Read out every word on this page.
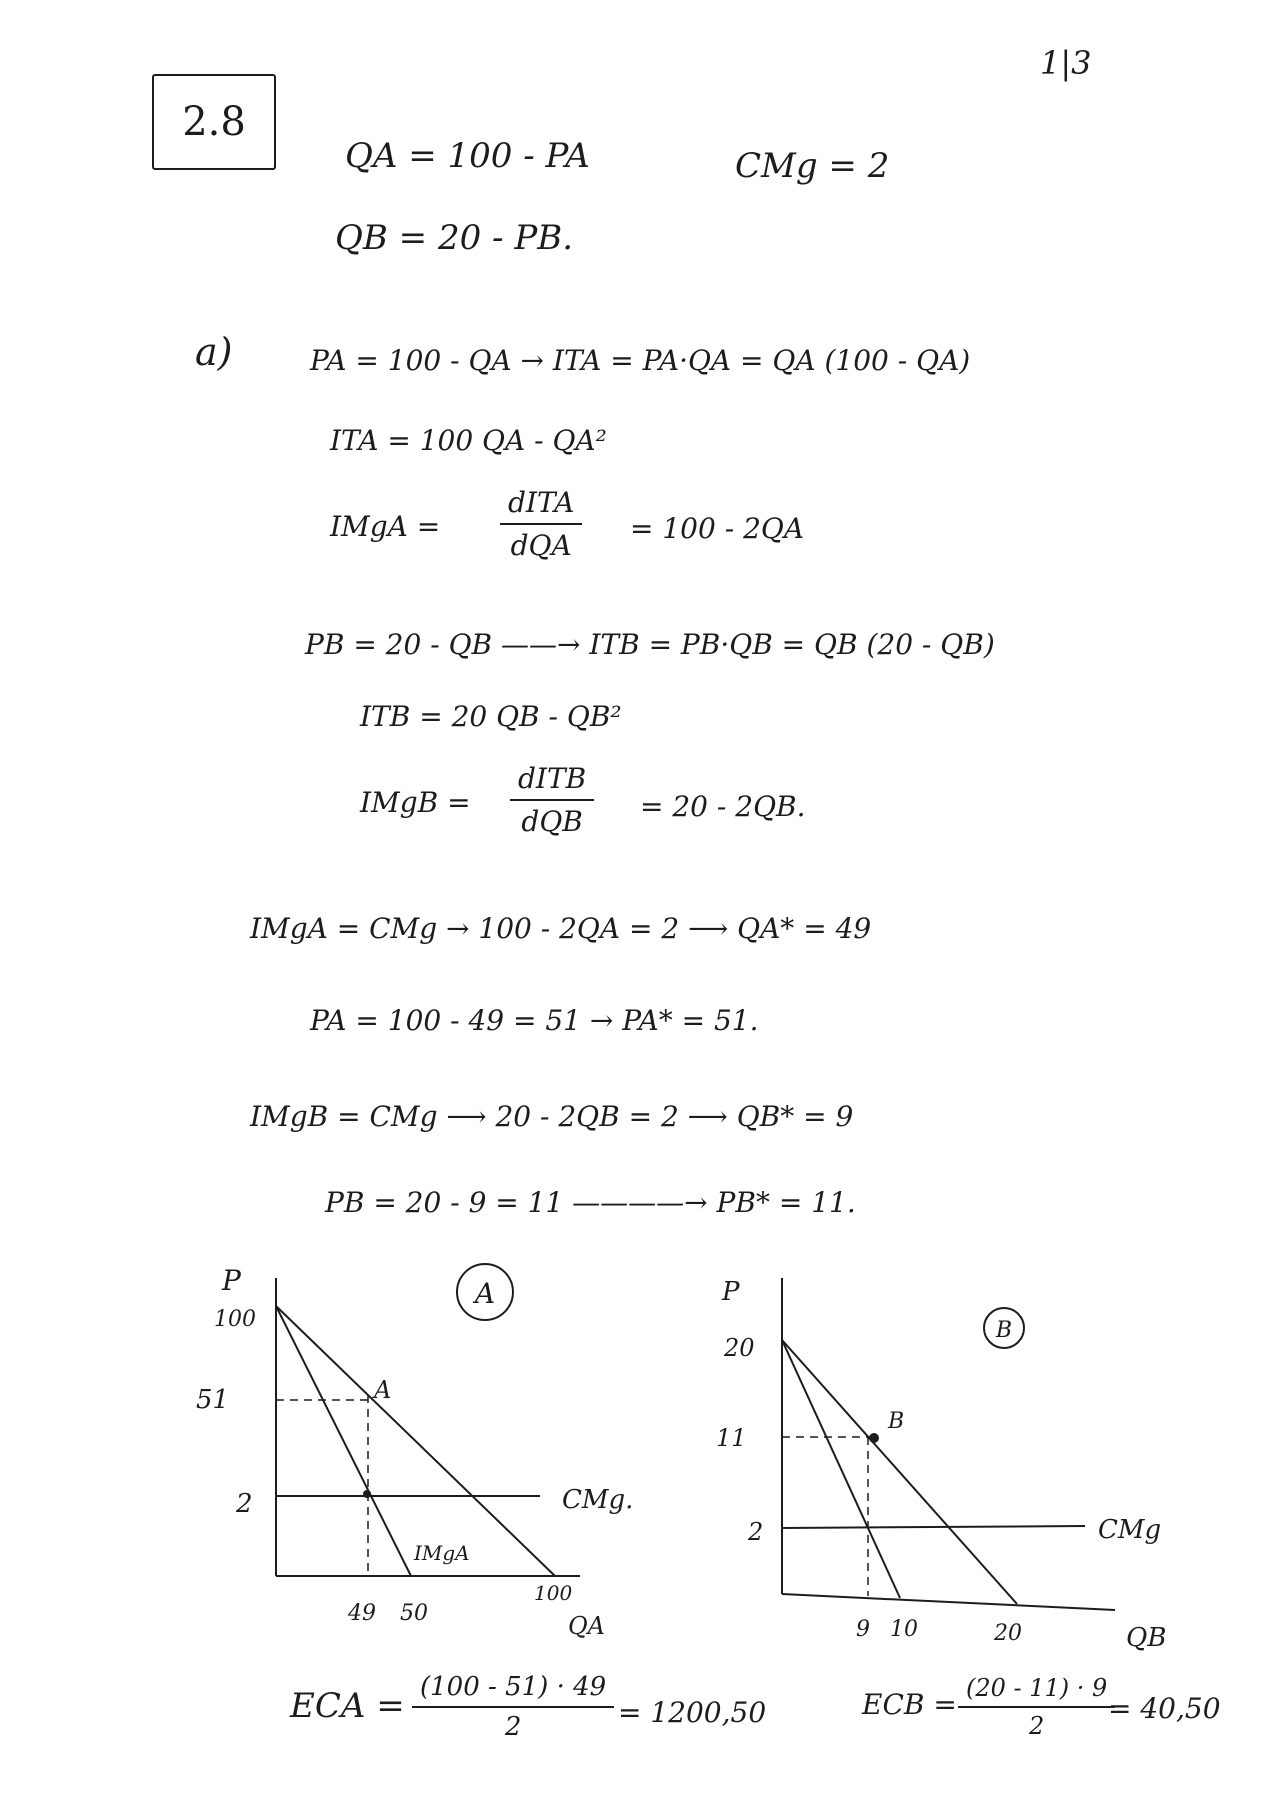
1|3
2.8
QA = 100 - PA
QB = 20 - PB.
CMg = 2
a)	PA = 100 - QA → ITA = PA·QA = QA (100 - QA)
ITA = 100 QA - QA²
IMgA =
dITA
dQA
= 100 - 2QA
PB = 20 - QB ——→ ITB = PB·QB = QB (20 - QB)
ITB = 20 QB - QB²
IMgB =
dITB
dQB	= 20 - 2QB.
IMgA = CMg → 100 - 2QA = 2 ⟶ QA* = 49
PA = 100 - 49 = 51 → PA* = 51.
IMgB = CMg ⟶ 20 - 2QB = 2 ⟶ QB* = 9
PB = 20 - 9 = 11 ————→ PB* = 11.
A
P
100
51
2
A
CMg.
IMgA
49 50
100
QA
B
P
20
11
2
B
CMg
9 10	20	QB
ECA = (100 - 51) · 49
2	= 1200,50	ECB = (20 - 11) · 9
2
= 40,50
